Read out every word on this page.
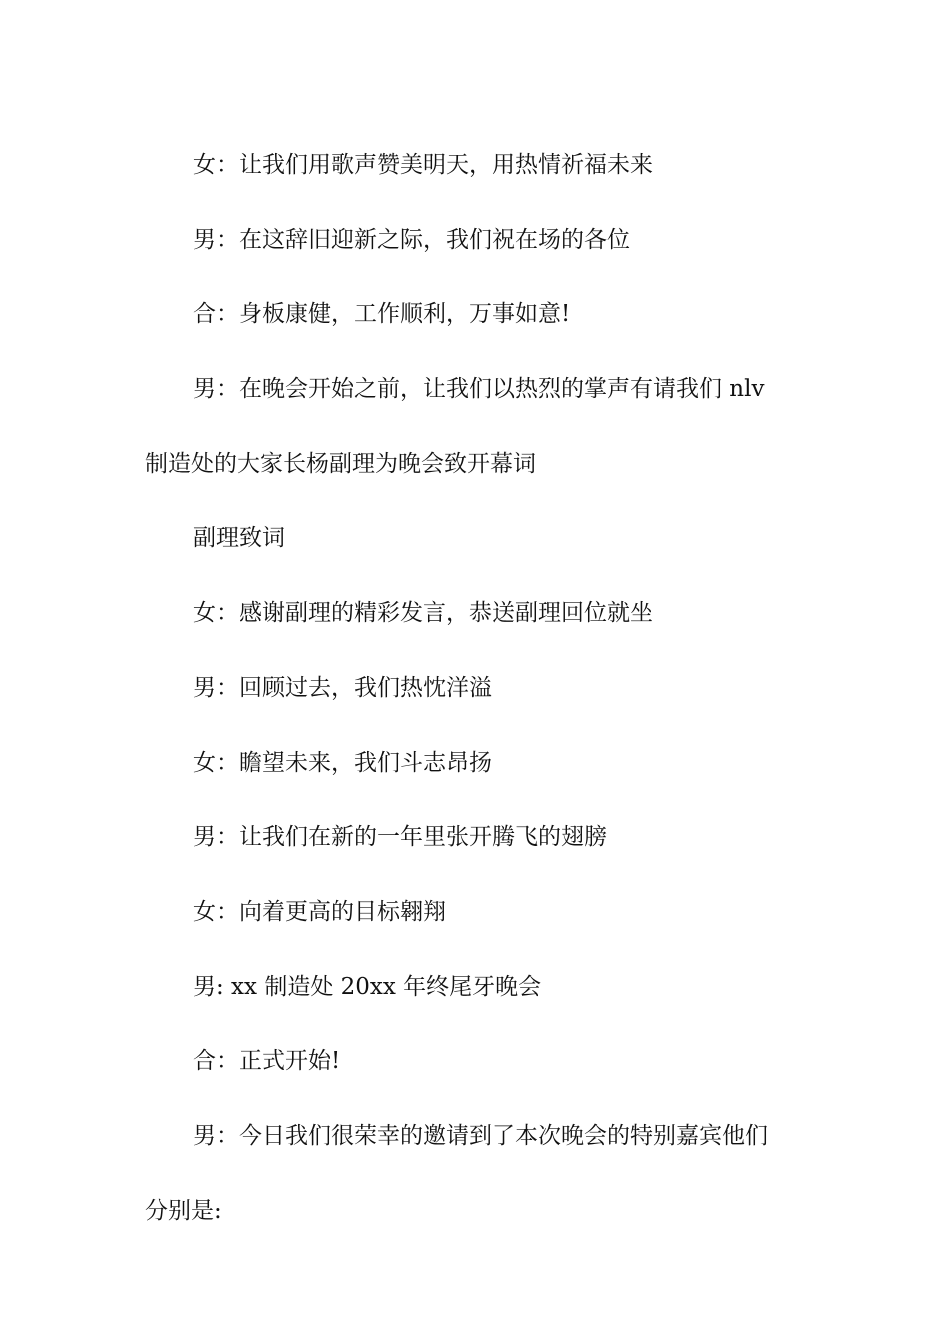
女：让我们用歌声赞美明天，用热情祈福未来

男：在这辞旧迎新之际，我们祝在场的各位

合：身板康健，工作顺利，万事如意!

男：在晚会开始之前，让我们以热烈的掌声有请我们 nlv

制造处的大家长杨副理为晚会致开幕词

副理致词

女：感谢副理的精彩发言，恭送副理回位就坐

男：回顾过去，我们热忱洋溢

女：瞻望未来，我们斗志昂扬

男：让我们在新的一年里张开腾飞的翅膀

女：向着更高的目标翱翔

男: xx 制造处 20xx 年终尾牙晚会

合：正式开始!

男：今日我们很荣幸的邀请到了本次晚会的特别嘉宾他们

分别是:
